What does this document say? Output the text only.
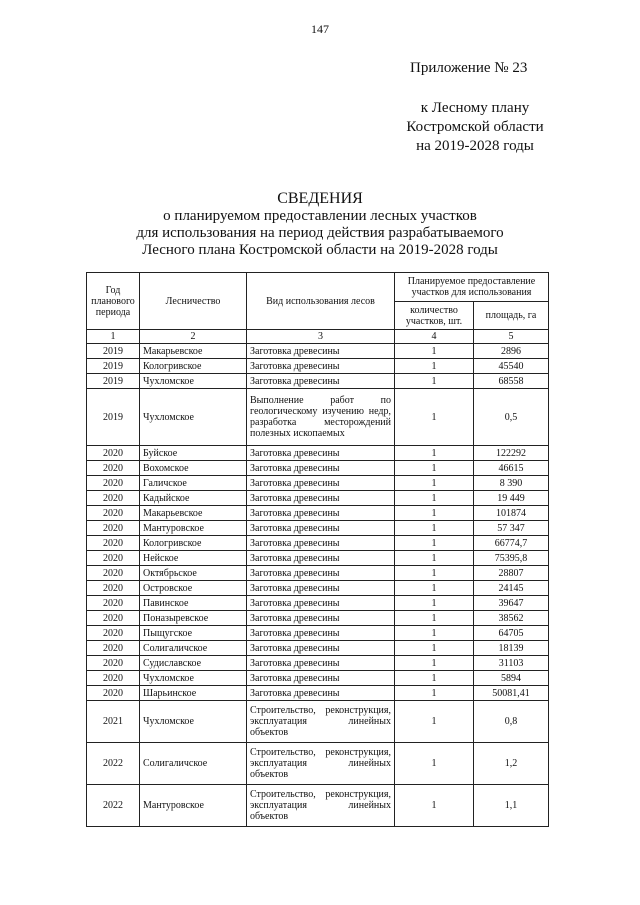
147
Приложение № 23
к Лесному плану
Костромской области
на 2019-2028 годы
СВЕДЕНИЯ
о планируемом предоставлении лесных участков
для использования на период действия разрабатываемого
Лесного плана Костромской области на 2019-2028 годы
Год планового периода	Лесничество	Вид использования лесов	Планируемое предоставление участков для использования	
			количество участков, шт.	площадь, га
1	2	3	4	5
2019	Макарьевское	Заготовка древесины	1	2896
2019	Кологривское	Заготовка древесины	1	45540
2019	Чухломское	Заготовка древесины	1	68558
2019	Чухломское	Выполнение работ по геологическому изучению недр, разработка месторождений полезных ископаемых	1	0,5
2020	Буйское	Заготовка древесины	1	122292
2020	Вохомское	Заготовка древесины	1	46615
2020	Галичское	Заготовка древесины	1	8 390
2020	Кадыйское	Заготовка древесины	1	19 449
2020	Макарьевское	Заготовка древесины	1	101874
2020	Мантуровское	Заготовка древесины	1	57 347
2020	Кологривское	Заготовка древесины	1	66774,7
2020	Нейское	Заготовка древесины	1	75395,8
2020	Октябрьское	Заготовка древесины	1	28807
2020	Островское	Заготовка древесины	1	24145
2020	Павинское	Заготовка древесины	1	39647
2020	Поназыревское	Заготовка древесины	1	38562
2020	Пыщугское	Заготовка древесины	1	64705
2020	Солигаличское	Заготовка древесины	1	18139
2020	Судиславское	Заготовка древесины	1	31103
2020	Чухломское	Заготовка древесины	1	5894
2020	Шарьинское	Заготовка древесины	1	50081,41
2021	Чухломское	Строительство, реконструкция, эксплуатация линейных объектов	1	0,8
2022	Солигаличское	Строительство, реконструкция, эксплуатация линейных объектов	1	1,2
2022	Мантуровское	Строительство, реконструкция, эксплуатация линейных объектов	1	1,1
